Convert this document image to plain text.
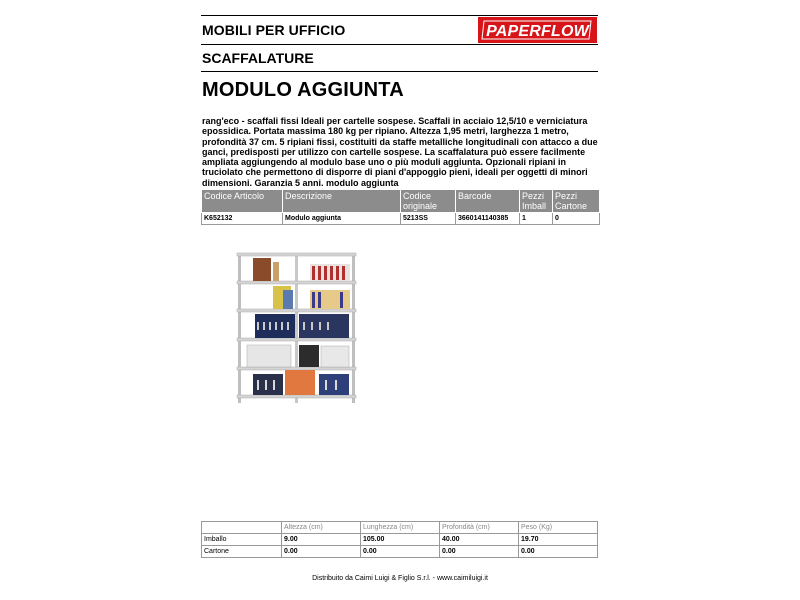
MOBILI PER UFFICIO	PAPERFLOW
SCAFFALATURE
MODULO AGGIUNTA
rang'eco - scaffali fissi Ideali per cartelle sospese. Scaffali in acciaio 12,5/10 e verniciatura epossidica. Portata massima 180 kg per ripiano. Altezza 1,95 metri, larghezza 1 metro, profondità 37 cm. 5 ripiani fissi, costituiti da staffe metalliche longitudinali con attacco a due ganci, predisposti per utilizzo con cartelle sospese. La scaffalatura può essere facilmente ampliata aggiungendo al modulo base uno o più moduli aggiunta. Opzionali ripiani in truciolato che permettono di disporre di piani d'appoggio pieni, ideali per oggetti di minori dimensioni. Garanzia 5 anni. modulo aggiunta
Codice Articolo	Descrizione	Codice originale	Barcode	Pezzi Imball	Pezzi Cartone
K652132	Modulo aggiunta	5213SS	3660141140385	1	0
	Altezza (cm)	Lunghezza (cm)	Profondità (cm)	Peso (Kg)
Imballo	9.00	105.00	40.00	19.70
Cartone	0.00	0.00	0.00	0.00
Distribuito da Caimi Luigi & Figlio S.r.l. - www.caimiluigi.it
